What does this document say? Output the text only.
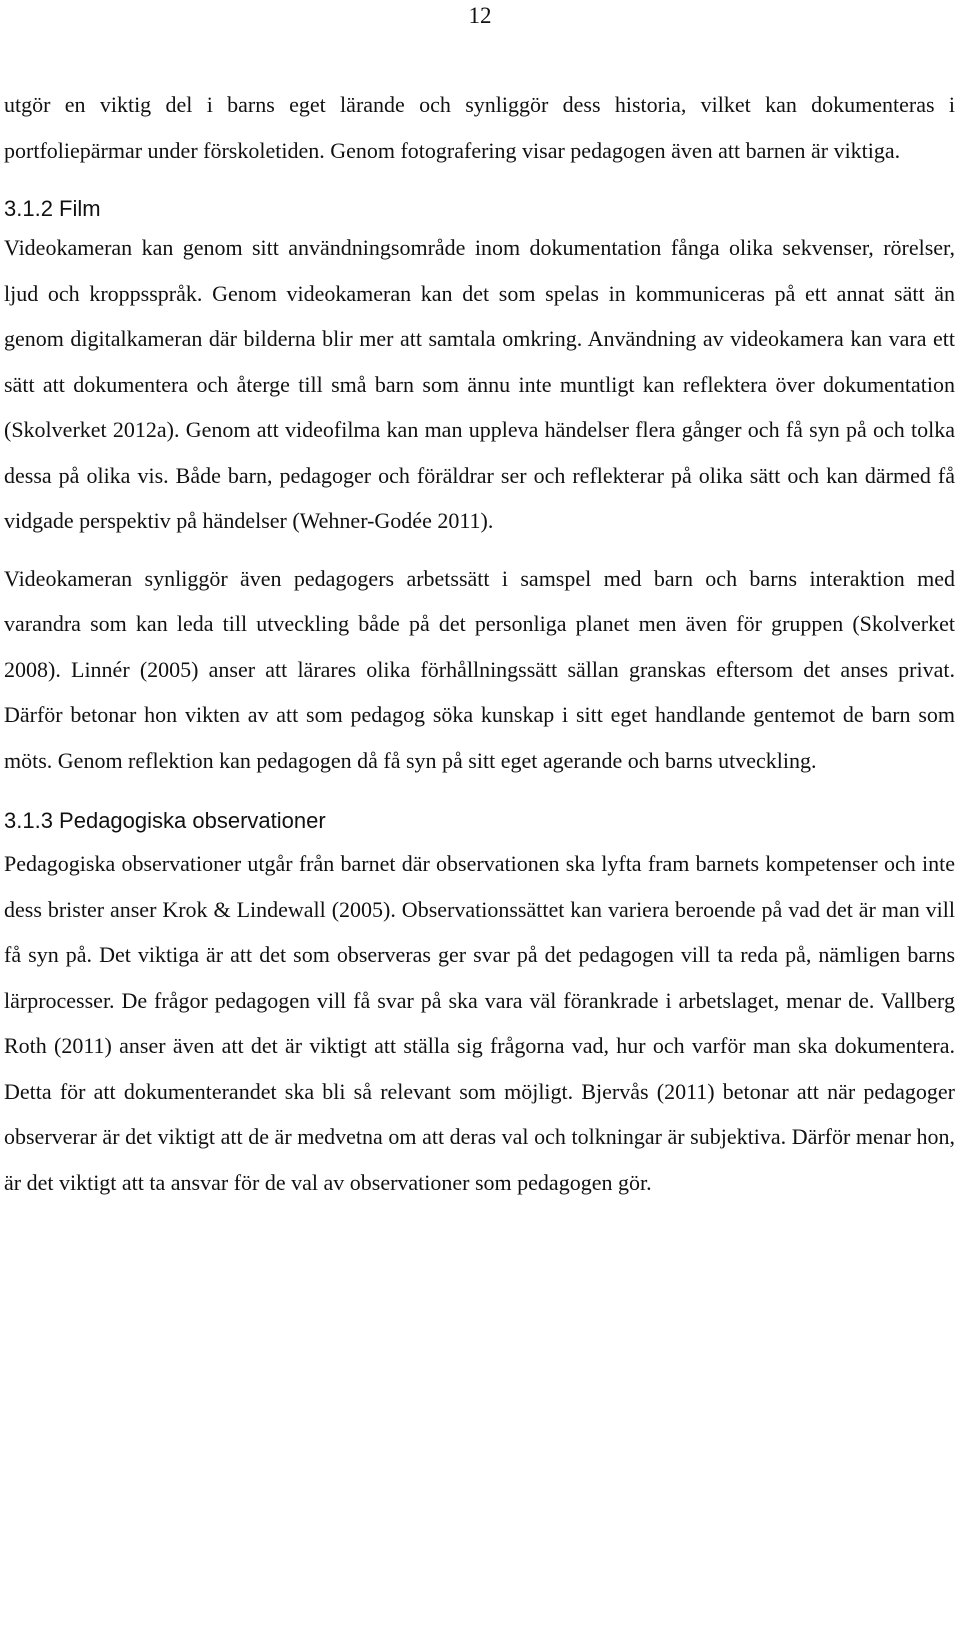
12

utgör en viktig del i barns eget lärande och synliggör dess historia, vilket kan dokumenteras i portfoliepärmar under förskoletiden. Genom fotografering visar pedagogen även att barnen är viktiga.

3.1.2 Film

Videokameran kan genom sitt användningsområde inom dokumentation fånga olika sekvenser, rörelser, ljud och kroppsspråk. Genom videokameran kan det som spelas in kommuniceras på ett annat sätt än genom digitalkameran där bilderna blir mer att samtala omkring. Användning av videokamera kan vara ett sätt att dokumentera och återge till små barn som ännu inte muntligt kan reflektera över dokumentation (Skolverket 2012a). Genom att videofilma kan man uppleva händelser flera gånger och få syn på och tolka dessa på olika vis. Både barn, pedagoger och föräldrar ser och reflekterar på olika sätt och kan därmed få vidgade perspektiv på händelser (Wehner-Godée 2011).

Videokameran synliggör även pedagogers arbetssätt i samspel med barn och barns interaktion med varandra som kan leda till utveckling både på det personliga planet men även för gruppen (Skolverket 2008). Linnér (2005) anser att lärares olika förhållningssätt sällan granskas eftersom det anses privat. Därför betonar hon vikten av att som pedagog söka kunskap i sitt eget handlande gentemot de barn som möts. Genom reflektion kan pedagogen då få syn på sitt eget agerande och barns utveckling.

3.1.3 Pedagogiska observationer

Pedagogiska observationer utgår från barnet där observationen ska lyfta fram barnets kompetenser och inte dess brister anser Krok & Lindewall (2005). Observationssättet kan variera beroende på vad det är man vill få syn på. Det viktiga är att det som observeras ger svar på det pedagogen vill ta reda på, nämligen barns lärprocesser. De frågor pedagogen vill få svar på ska vara väl förankrade i arbetslaget, menar de. Vallberg Roth (2011) anser även att det är viktigt att ställa sig frågorna vad, hur och varför man ska dokumentera. Detta för att dokumenterandet ska bli så relevant som möjligt. Bjervås (2011) betonar att när pedagoger observerar är det viktigt att de är medvetna om att deras val och tolkningar är subjektiva. Därför menar hon, är det viktigt att ta ansvar för de val av observationer som pedagogen gör.
